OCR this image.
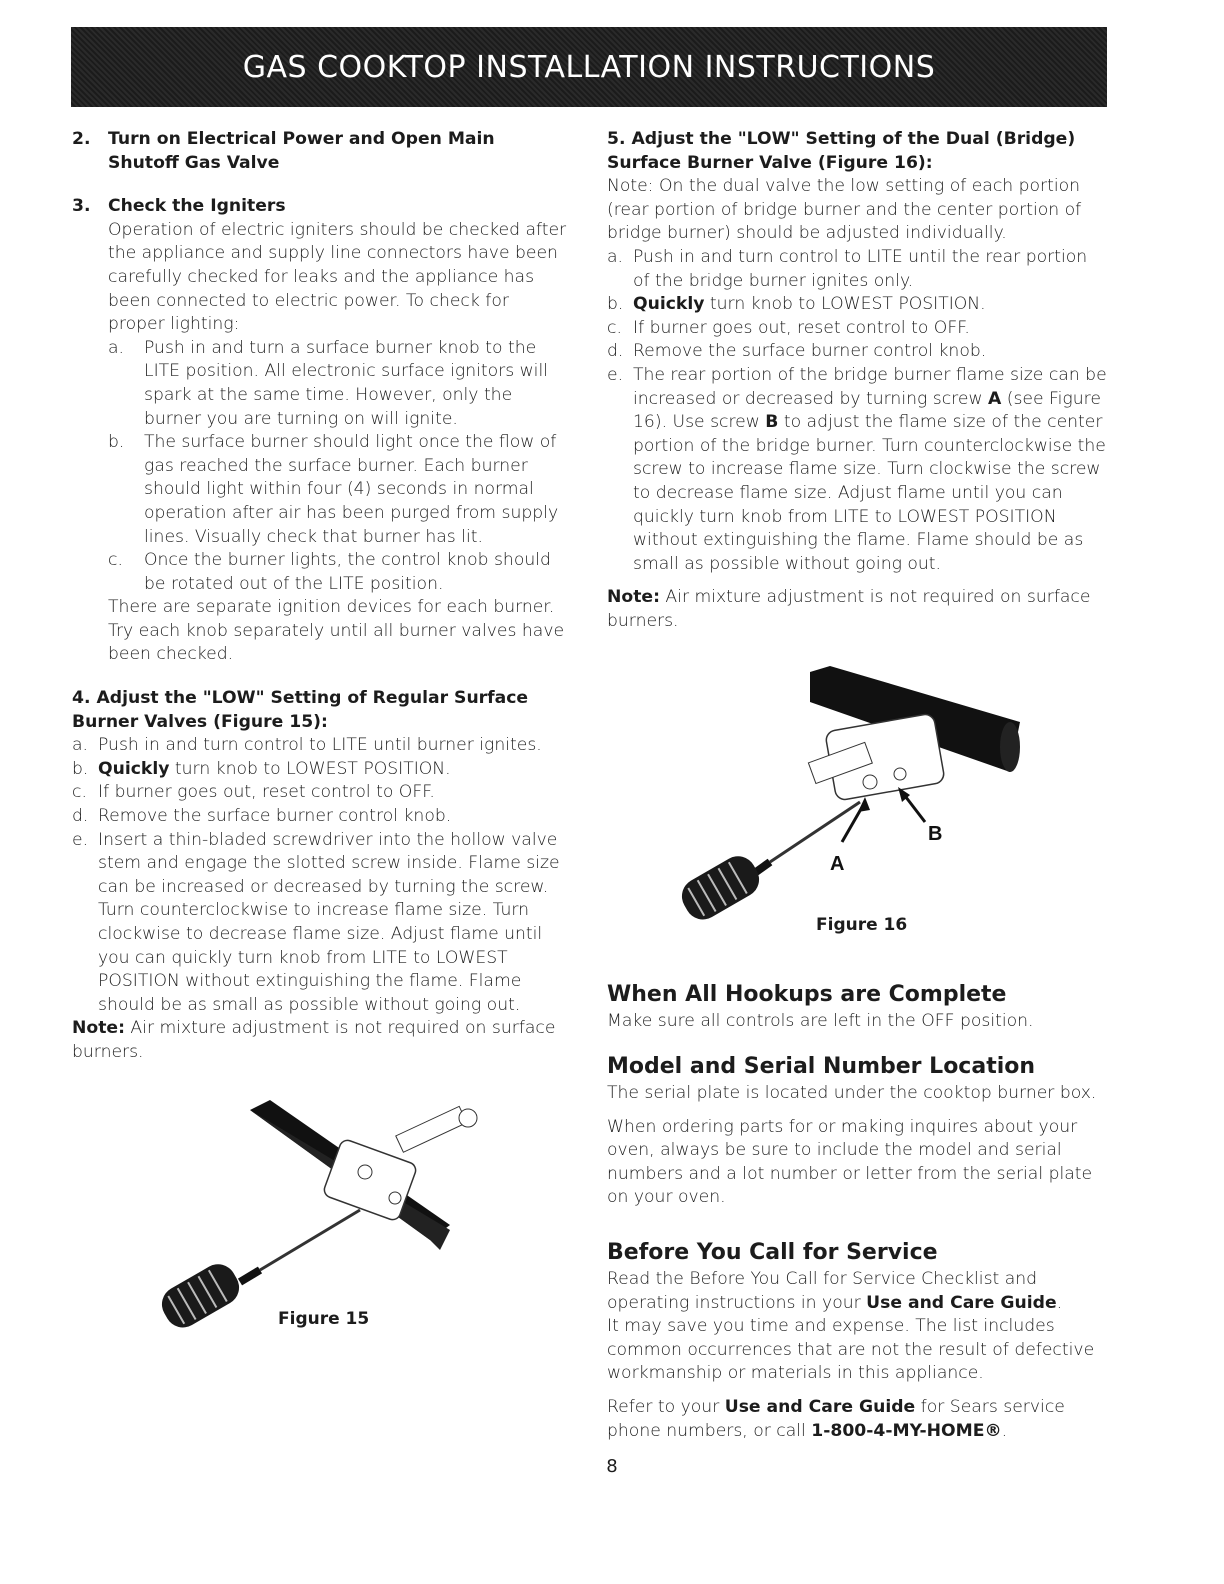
GAS COOKTOP INSTALLATION INSTRUCTIONS
2.	Turn on Electrical Power and Open Main Shutoff Gas Valve
3.	Check the Igniters
Operation of electric igniters should be checked after the appliance and supply line connectors have been carefully checked for leaks and the appliance has been connected to electric power. To check for proper lighting:
a.	Push in and turn a surface burner knob to the LITE position. All electronic surface ignitors will spark at the same time. However, only the burner you are turning on will ignite.
b.	The surface burner should light once the flow of gas reached the surface burner. Each burner should light within four (4) seconds in normal operation after air has been purged from supply lines. Visually check that burner has lit.
c.	Once the burner lights, the control knob should be rotated out of the LITE position.
There are separate ignition devices for each burner. Try each knob separately until all burner valves have been checked.
4. Adjust the "LOW" Setting of Regular Surface Burner Valves (Figure 15):
a. Push in and turn control to LITE until burner ignites.
b. Quickly turn knob to LOWEST POSITION.
c. If burner goes out, reset control to OFF.
d. Remove the surface burner control knob.
e. Insert a thin-bladed screwdriver into the hollow valve stem and engage the slotted screw inside. Flame size can be increased or decreased by turning the screw. Turn counterclockwise to increase flame size. Turn clockwise to decrease flame size. Adjust flame until you can quickly turn knob from LITE to LOWEST POSITION without extinguishing the flame. Flame should be as small as possible without going out.
Note: Air mixture adjustment is not required on surface burners.
Figure 15
5. Adjust the "LOW" Setting of the Dual (Bridge) Surface Burner Valve (Figure 16):
Note: On the dual valve the low setting of each portion (rear portion of bridge burner and the center portion of bridge burner) should be adjusted individually.
a. Push in and turn control to LITE until the rear portion of the bridge burner ignites only.
b. Quickly turn knob to LOWEST POSITION.
c. If burner goes out, reset control to OFF.
d. Remove the surface burner control knob.
e. The rear portion of the bridge burner flame size can be increased or decreased by turning screw A (see Figure 16). Use screw B to adjust the flame size of the center portion of the bridge burner. Turn counterclockwise the screw to increase flame size. Turn clockwise the screw to decrease flame size. Adjust flame until you can quickly turn knob from LITE to LOWEST POSITION without extinguishing the flame. Flame should be as small as possible without going out.
Note: Air mixture adjustment is not required on surface burners.
A
B
Figure 16
When All Hookups are Complete
Make sure all controls are left in the OFF position.
Model and Serial Number Location
The serial plate is located under the cooktop burner box.
When ordering parts for or making inquires about your oven, always be sure to include the model and serial numbers and a lot number or letter from the serial plate on your oven.
Before You Call for Service
Read the Before You Call for Service Checklist and operating instructions in your Use and Care Guide.
It may save you time and expense. The list includes common occurrences that are not the result of defective workmanship or materials in this appliance.
Refer to your Use and Care Guide for Sears service phone numbers, or call 1-800-4-MY-HOME®.
8
